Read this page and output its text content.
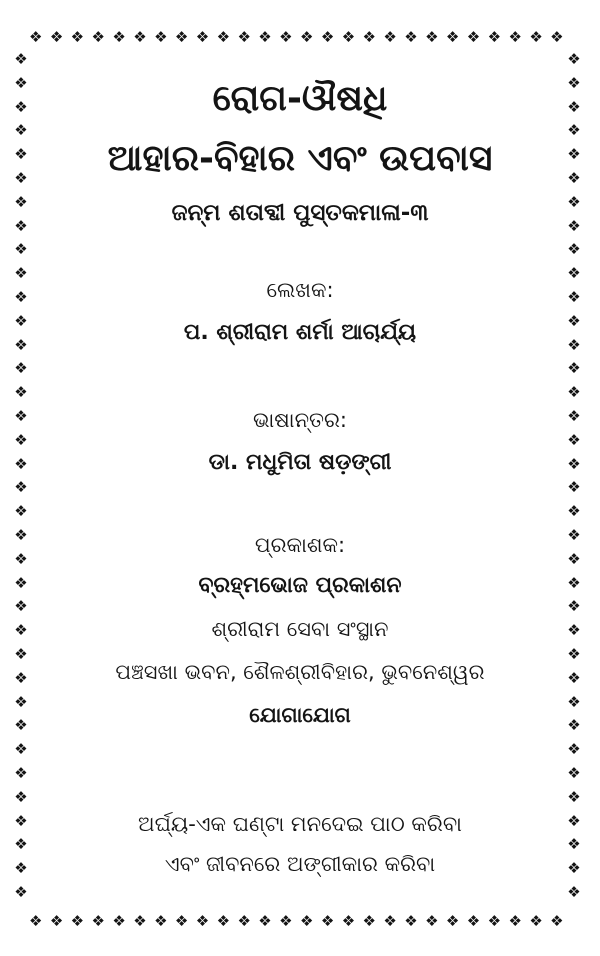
❖❖❖❖❖❖❖❖❖❖❖❖❖❖❖❖❖❖❖❖❖❖❖❖❖❖
❖❖❖❖❖❖❖❖❖❖❖❖❖❖❖❖❖❖❖❖❖❖❖❖❖❖
❖
❖
❖
❖
❖
❖
❖
❖
❖
❖
❖
❖
❖
❖
❖
❖
❖
❖
❖
❖
❖
❖
❖
❖
❖
❖
❖
❖
❖
❖
❖
❖
❖
❖
❖
❖
❖
❖
❖
❖
❖
❖
❖
❖
❖
❖
❖
❖
❖
❖
❖
❖
❖
❖
❖
❖
❖
❖
❖
❖
❖
❖
❖
❖
❖
❖
❖
❖
❖
❖
❖
❖
ରୋଗ-ଔଷଧି
ଆହାର-ବିହାର ଏବଂ ଉପବାସ
ଜନ୍ମ ଶତାବ୍ଦୀ ପୁସ୍ତକମାଳା-୩
ଲେଖକ:
ପ. ଶ୍ରୀରାମ ଶର୍ମା ଆଚାର୍ଯ୍ୟ
ଭାଷାନ୍ତର:
ଡା. ମଧୁମିତା ଷଡ଼ଙ୍ଗୀ
ପ୍ରକାଶକ:
ବ୍ରହ୍ମଭୋଜ ପ୍ରକାଶନ
ଶ୍ରୀରାମ ସେବା ସଂସ୍ଥାନ
ପଞ୍ଚସଖା ଭବନ, ଶୈଳଶ୍ରୀବିହାର, ଭୁବନେଶ୍ୱର
ଯୋଗାଯୋଗ
ଅର୍ଘ୍ୟ-ଏକ ଘଣ୍ଟା ମନଦେଇ ପାଠ କରିବା
ଏବଂ ଜୀବନରେ ଅଙ୍ଗୀକାର କରିବା
